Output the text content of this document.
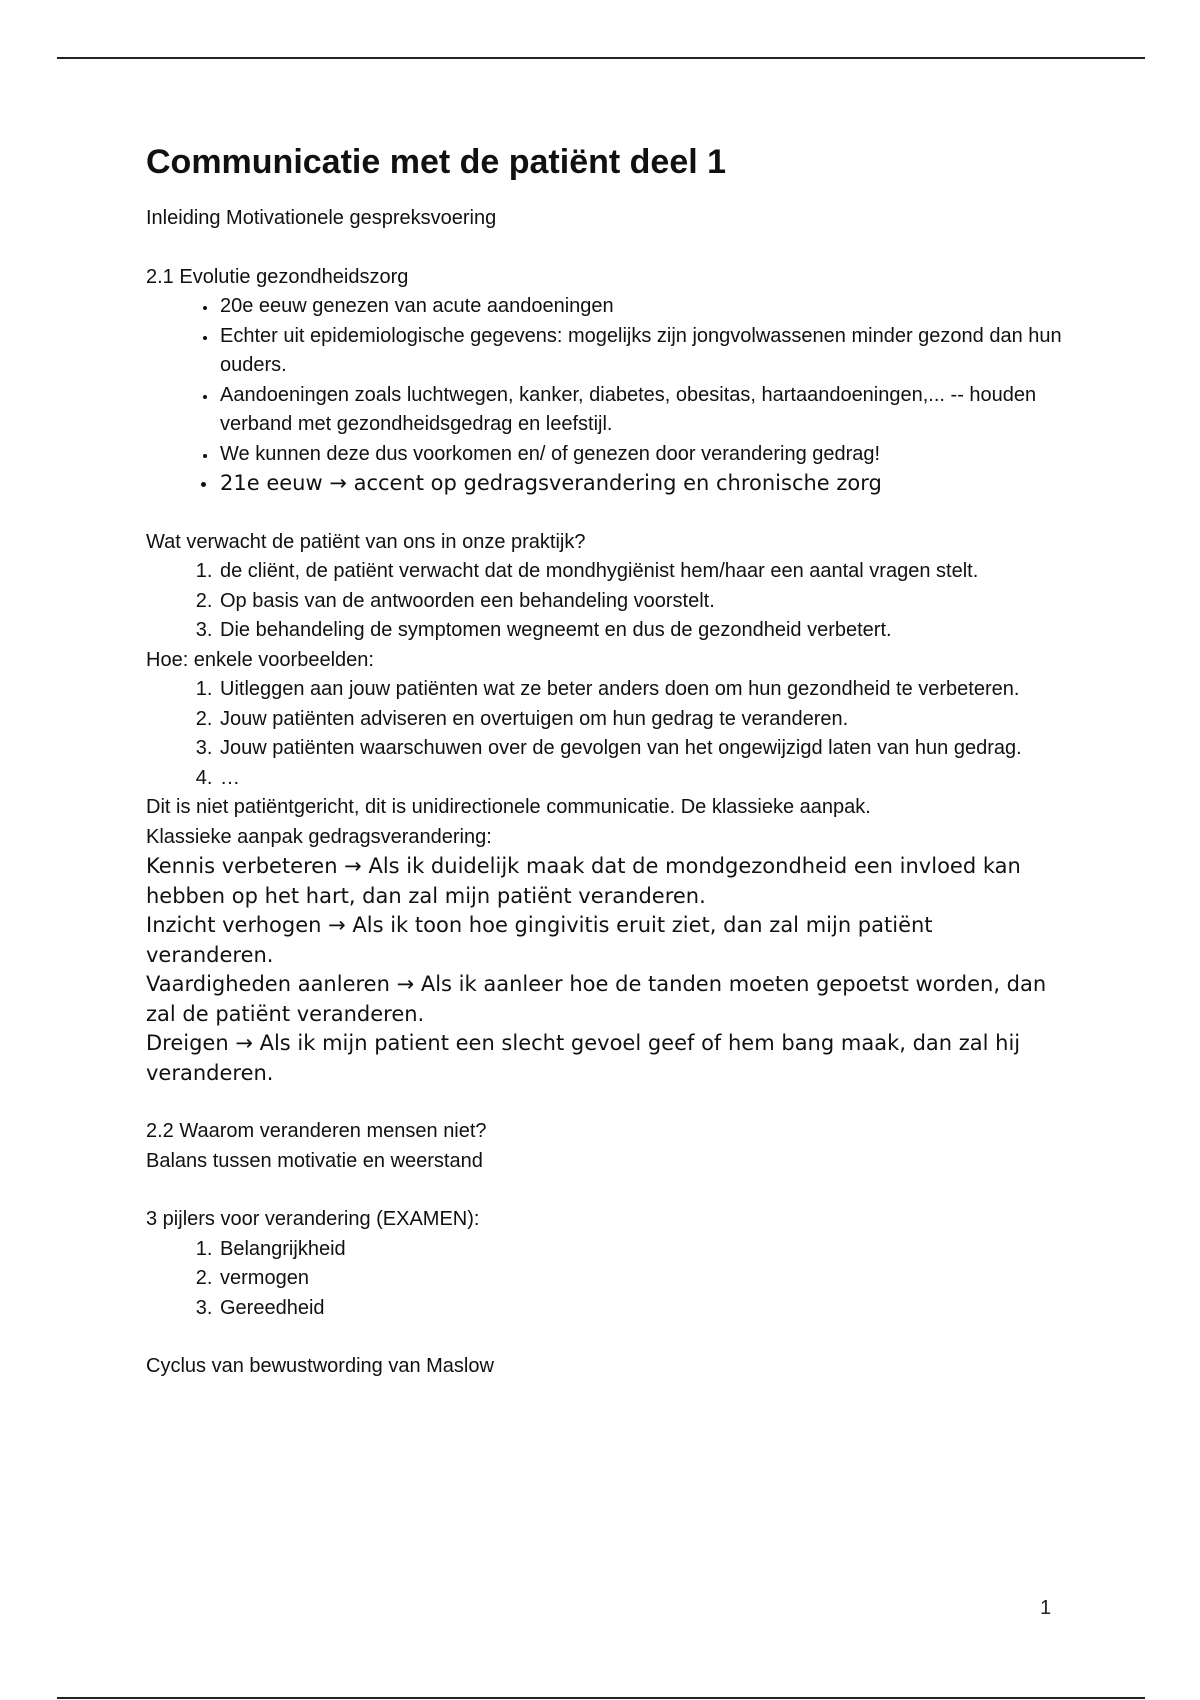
Communicatie met de patiënt deel 1

Inleiding Motivationele gespreksvoering

2.1 Evolutie gezondheidszorg

• 20e eeuw genezen van acute aandoeningen
• Echter uit epidemiologische gegevens: mogelijks zijn jongvolwassenen minder gezond dan hun ouders.
• Aandoeningen zoals luchtwegen, kanker, diabetes, obesitas, hartaandoeningen,... -- houden verband met gezondheidsgedrag en leefstijl.
• We kunnen deze dus voorkomen en/ of genezen door verandering gedrag!
• 21e eeuw → accent op gedragsverandering en chronische zorg

Wat verwacht de patiënt van ons in onze praktijk?

1. de cliënt, de patiënt verwacht dat de mondhygiënist hem/haar een aantal vragen stelt.
2. Op basis van de antwoorden een behandeling voorstelt.
3. Die behandeling de symptomen wegneemt en dus de gezondheid verbetert.

Hoe: enkele voorbeelden:

1. Uitleggen aan jouw patiënten wat ze beter anders doen om hun gezondheid te verbeteren.
2. Jouw patiënten adviseren en overtuigen om hun gedrag te veranderen.
3. Jouw patiënten waarschuwen over de gevolgen van het ongewijzigd laten van hun gedrag.
4. …

Dit is niet patiëntgericht, dit is unidirectionele communicatie. De klassieke aanpak.

Klassieke aanpak gedragsverandering:

Kennis verbeteren → Als ik duidelijk maak dat de mondgezondheid een invloed kan hebben op het hart, dan zal mijn patiënt veranderen.

Inzicht verhogen → Als ik toon hoe gingivitis eruit ziet, dan zal mijn patiënt veranderen.

Vaardigheden aanleren → Als ik aanleer hoe de tanden moeten gepoetst worden, dan zal de patiënt veranderen.

Dreigen → Als ik mijn patient een slecht gevoel geef of hem bang maak, dan zal hij veranderen.

2.2 Waarom veranderen mensen niet?

Balans tussen motivatie en weerstand

3 pijlers voor verandering (EXAMEN):

1. Belangrijkheid
2. vermogen
3. Gereedheid

Cyclus van bewustwording van Maslow

1
